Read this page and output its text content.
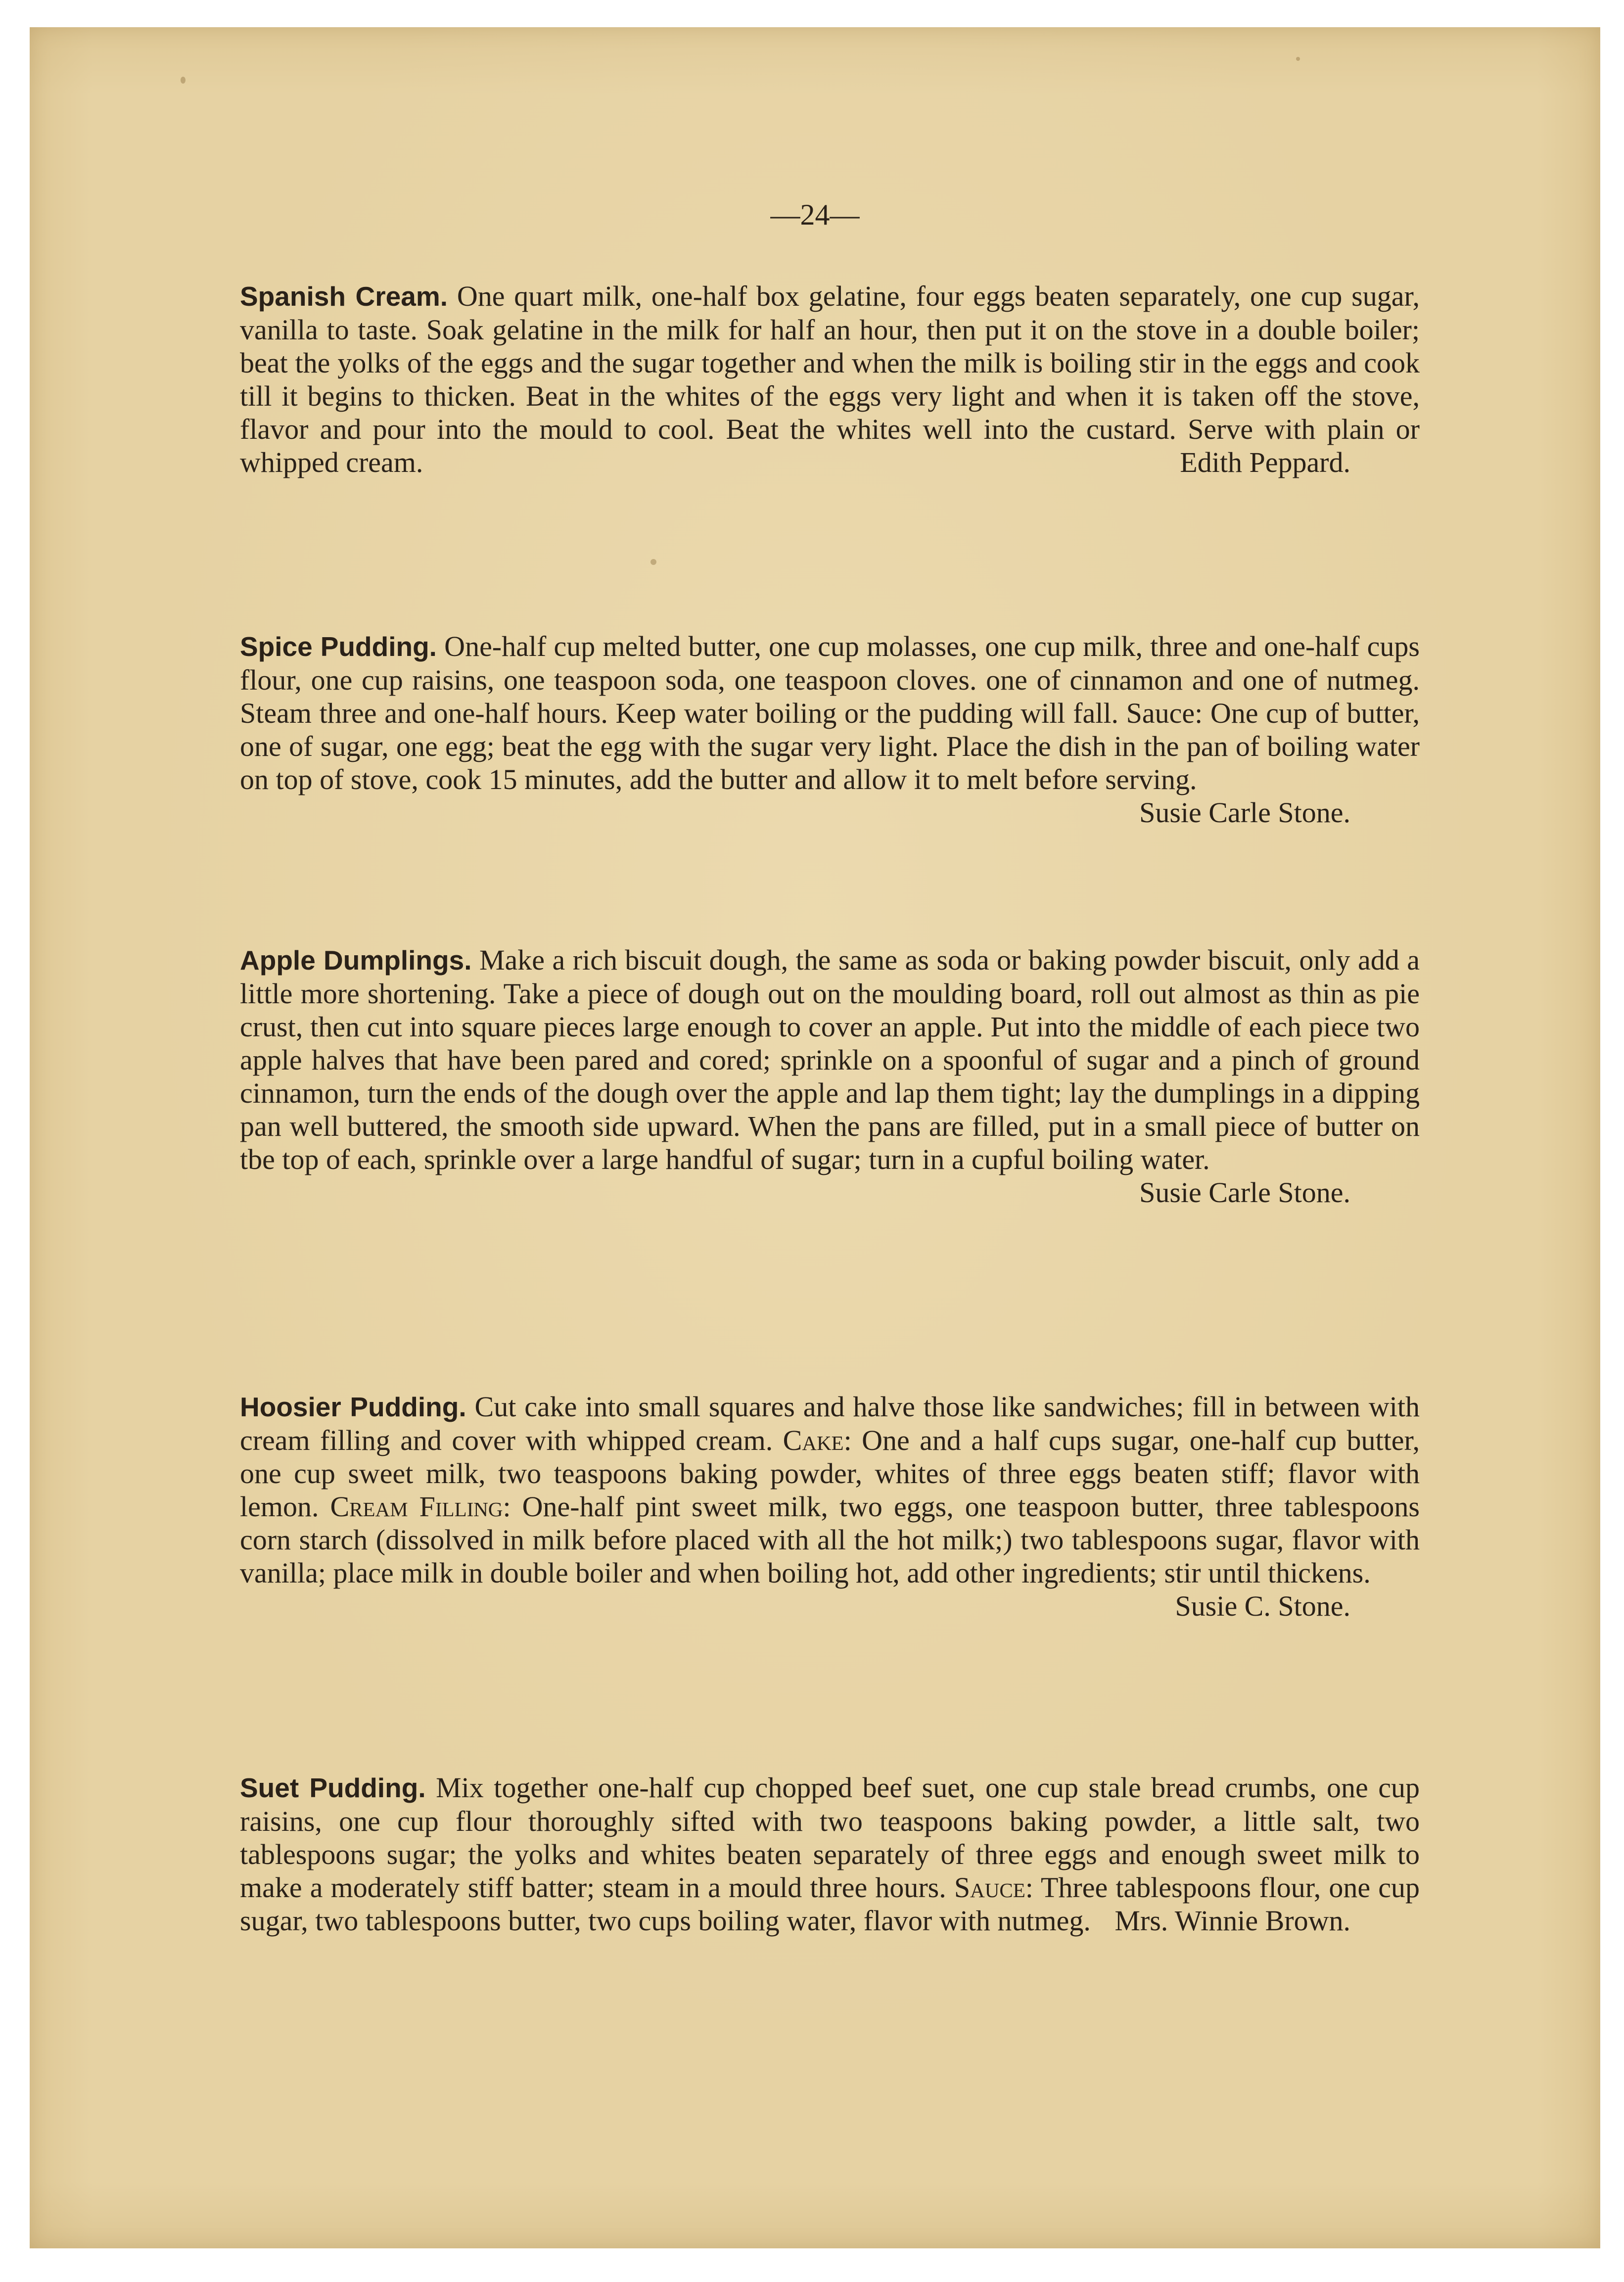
—24—
Spanish Cream. One quart milk, one-half box gelatine, four eggs beaten separately, one cup sugar, vanilla to taste. Soak gelatine in the milk for half an hour, then put it on the stove in a double boiler; beat the yolks of the eggs and the sugar together and when the milk is boiling stir in the eggs and cook till it begins to thicken. Beat in the whites of the eggs very light and when it is taken off the stove, flavor and pour into the mould to cool. Beat the whites well into the custard. Serve with plain or whipped cream.	Edith Peppard.
Spice Pudding. One-half cup melted butter, one cup molasses, one cup milk, three and one-half cups flour, one cup raisins, one teaspoon soda, one teaspoon cloves. one of cinnamon and one of nutmeg. Steam three and one-half hours. Keep water boiling or the pudding will fall. Sauce: One cup of butter, one of sugar, one egg; beat the egg with the sugar very light. Place the dish in the pan of boiling water on top of stove, cook 15 minutes, add the butter and allow it to melt before serving.
Susie Carle Stone.
Apple Dumplings. Make a rich biscuit dough, the same as soda or baking powder biscuit, only add a little more shortening. Take a piece of dough out on the moulding board, roll out almost as thin as pie crust, then cut into square pieces large enough to cover an apple. Put into the middle of each piece two apple halves that have been pared and cored; sprinkle on a spoonful of sugar and a pinch of ground cinnamon, turn the ends of the dough over the apple and lap them tight; lay the dumplings in a dipping pan well buttered, the smooth side upward. When the pans are filled, put in a small piece of butter on tbe top of each, sprinkle over a large handful of sugar; turn in a cupful boiling water.
Susie Carle Stone.
Hoosier Pudding. Cut cake into small squares and halve those like sandwiches; fill in between with cream filling and cover with whipped cream. Cake: One and a half cups sugar, one-half cup butter, one cup sweet milk, two teaspoons baking powder, whites of three eggs beaten stiff; flavor with lemon. Cream Filling: One-half pint sweet milk, two eggs, one teaspoon butter, three tablespoons corn starch (dissolved in milk before placed with all the hot milk;) two tablespoons sugar, flavor with vanilla; place milk in double boiler and when boiling hot, add other ingredients; stir until thickens.
Susie C. Stone.
Suet Pudding. Mix together one-half cup chopped beef suet, one cup stale bread crumbs, one cup raisins, one cup flour thoroughly sifted with two teaspoons baking powder, a little salt, two tablespoons sugar; the yolks and whites beaten separately of three eggs and enough sweet milk to make a moderately stiff batter; steam in a mould three hours. Sauce: Three tablespoons flour, one cup sugar, two tablespoons butter, two cups boiling water, flavor with nutmeg. Mrs. Winnie Brown.
